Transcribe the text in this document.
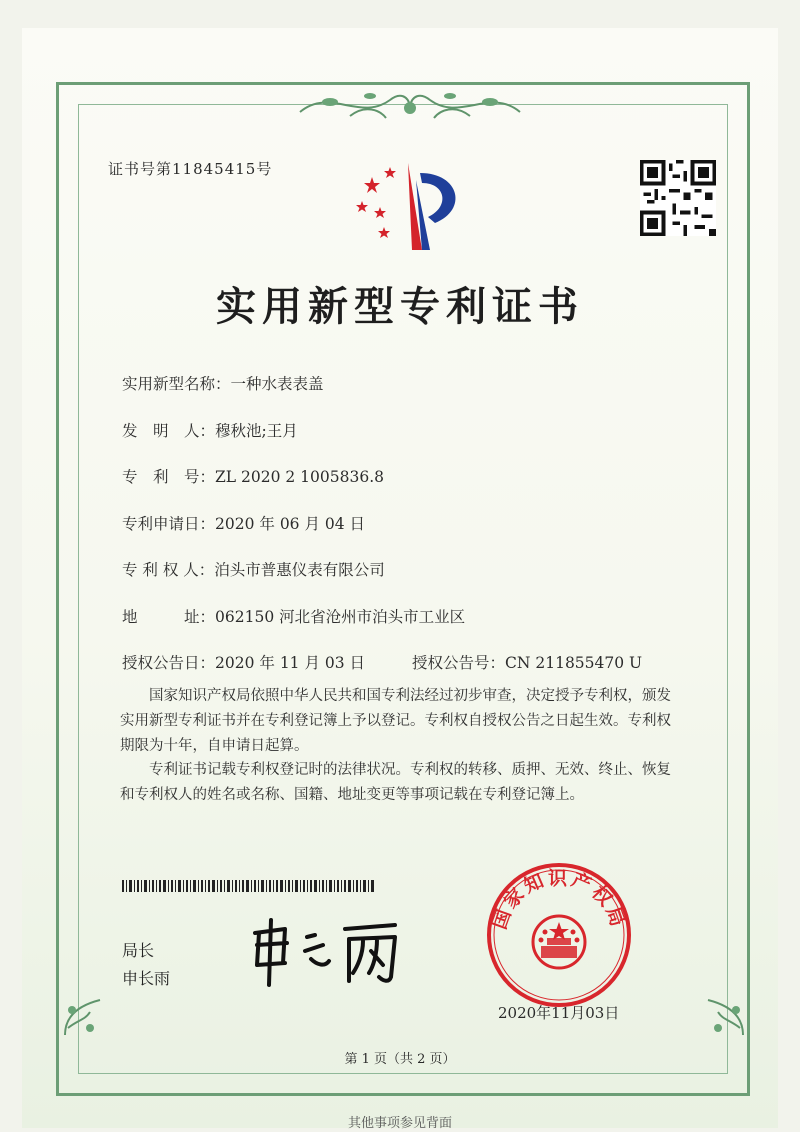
证书号第11845415号
实用新型专利证书
实用新型名称：一种水表表盖
发　明　人：穆秋池;王月
专　利　号：ZL 2020 2 1005836.8
专利申请日：2020 年 06 月 04 日
专 利 权 人：泊头市普惠仪表有限公司
地　　　址：062150 河北省沧州市泊头市工业区
授权公告日：2020 年 11 月 03 日	授权公告号：CN 211855470 U
国家知识产权局依照中华人民共和国专利法经过初步审查，决定授予专利权，颁发实用新型专利证书并在专利登记簿上予以登记。专利权自授权公告之日起生效。专利权期限为十年，自申请日起算。
专利证书记载专利权登记时的法律状况。专利权的转移、质押、无效、终止、恢复和专利权人的姓名或名称、国籍、地址变更等事项记载在专利登记簿上。
局长
申长雨
国家知识产权局
2020年11月03日
第 1 页（共 2 页）
其他事项参见背面
